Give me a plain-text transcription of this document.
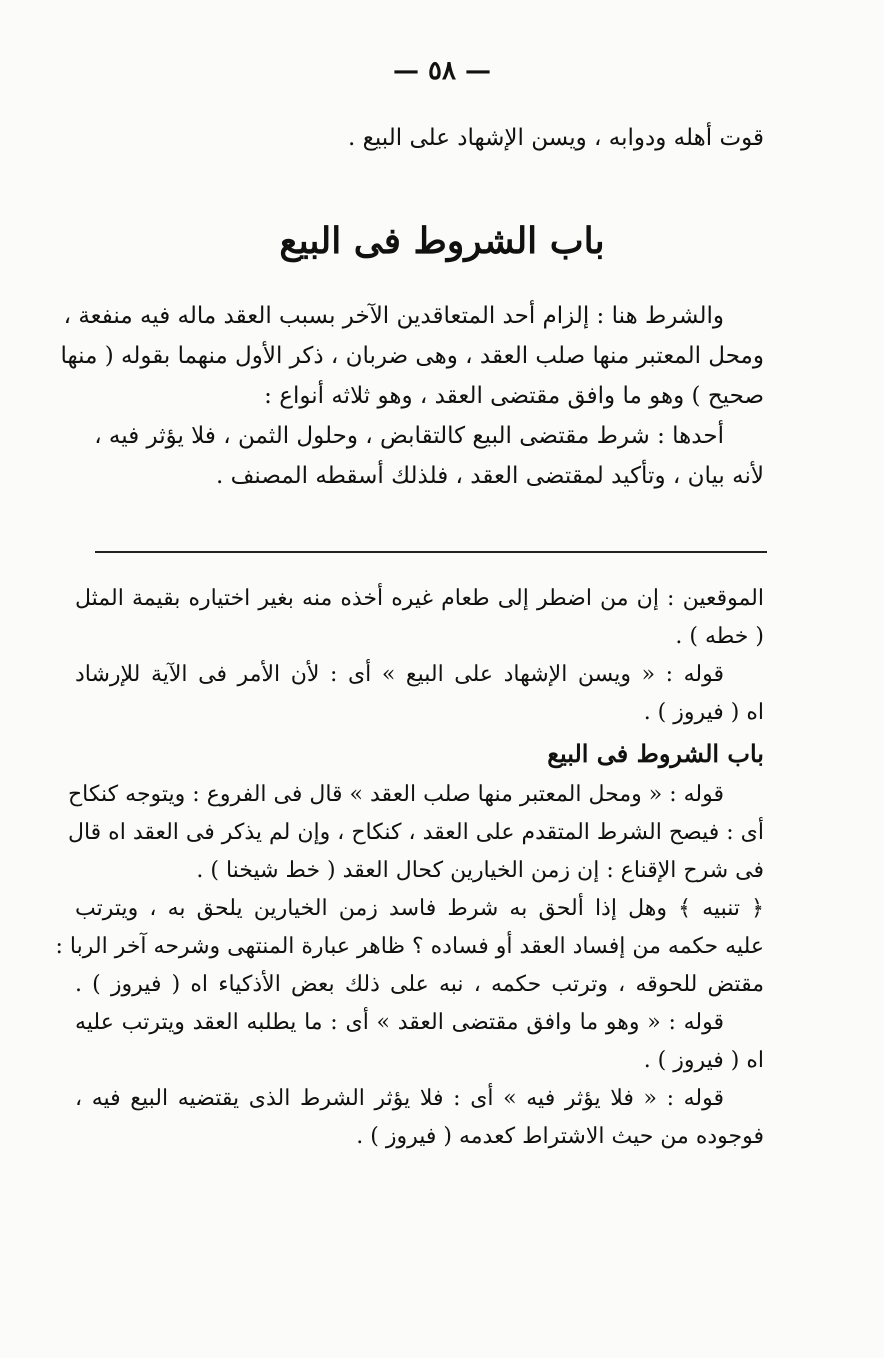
— ٥٨ —
قوت أهله ودوابه ، ويسن الإشهاد على البيع .
باب الشروط فى البيع
والشرط هنا : إلزام أحد المتعاقدين الآخر بسبب العقد ماله فيه منفعة ،
ومحل المعتبر منها صلب العقد ، وهى ضربان ، ذكر الأول منهما بقوله ( منها
صحيح ) وهو ما وافق مقتضى العقد ، وهو ثلاثه أنواع :
أحدها : شرط مقتضى البيع كالتقابض ، وحلول الثمن ، فلا يؤثر فيه ،
لأنه بيان ، وتأكيد لمقتضى العقد ، فلذلك أسقطه المصنف .
الموقعين : إن من اضطر إلى طعام غيره أخذه منه بغير اختياره بقيمة المثل
( خطه ) .
قوله : « ويسن الإشهاد على البيع » أى : لأن الأمر فى الآية للإرشاد
اه ( فيروز ) .
باب الشروط فى البيع
قوله : « ومحل المعتبر منها صلب العقد » قال فى الفروع : ويتوجه كنكاح
أى : فيصح الشرط المتقدم على العقد ، كنكاح ، وإن لم يذكر فى العقد اه قال
فى شرح الإقناع : إن زمن الخيارين كحال العقد ( خط شيخنا ) .
﴿ تنبيه ﴾ وهل إذا ألحق به شرط فاسد زمن الخيارين يلحق به ، ويترتب
عليه حكمه من إفساد العقد أو فساده ؟ ظاهر عبارة المنتهى وشرحه آخر الربا :
مقتض للحوقه ، وترتب حكمه ، نبه على ذلك بعض الأذكياء اه ( فيروز ) .
قوله : « وهو ما وافق مقتضى العقد » أى : ما يطلبه العقد ويترتب عليه
اه ( فيروز ) .
قوله : « فلا يؤثر فيه » أى : فلا يؤثر الشرط الذى يقتضيه البيع فيه ،
فوجوده من حيث الاشتراط كعدمه ( فيروز ) .
